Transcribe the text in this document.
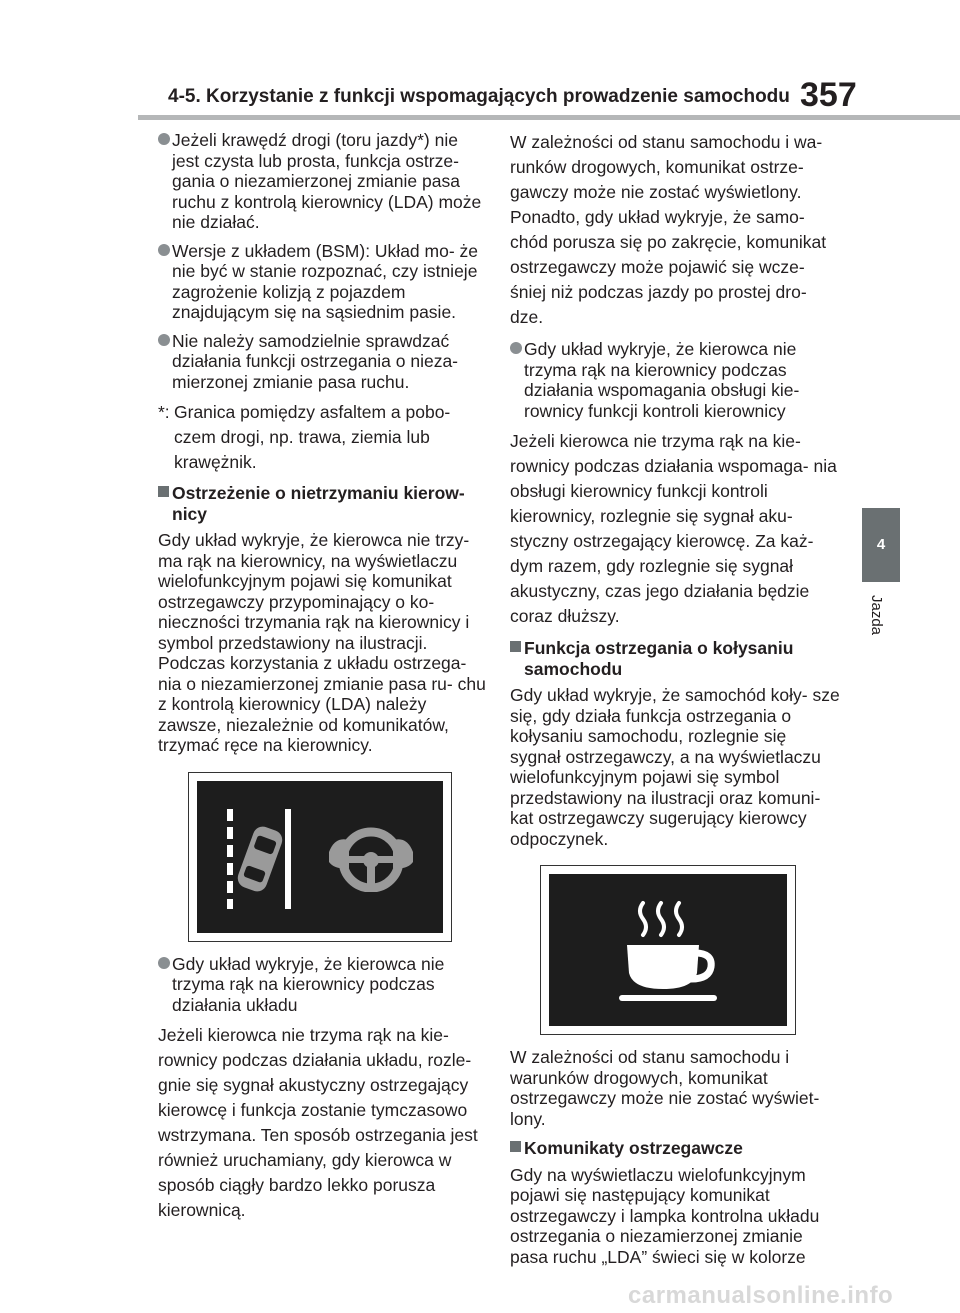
4-5. Korzystanie z funkcji wspomagających prowadzenie samochodu 357
4
Jazda
Jeżeli krawędź drogi (toru jazdy*) nie jest czysta lub prosta, funkcja ostrze- gania o niezamierzonej zmianie pasa ruchu z kontrolą kierownicy (LDA) może nie działać.
Wersje z układem (BSM): Układ mo- że nie być w stanie rozpoznać, czy istnieje zagrożenie kolizją z pojazdem znajdującym się na sąsiednim pasie.
Nie należy samodzielnie sprawdzać działania funkcji ostrzegania o nieza- mierzonej zmianie pasa ruchu.
*: Granica pomiędzy asfaltem a pobo- czem drogi, np. trawa, ziemia lub krawężnik.
Ostrzeżenie o nietrzymaniu kierow- nicy
Gdy układ wykryje, że kierowca nie trzy- ma rąk na kierownicy, na wyświetlaczu wielofunkcyjnym pojawi się komunikat ostrzegawczy przypominający o ko- nieczności trzymania rąk na kierownicy i symbol przedstawiony na ilustracji. Podczas korzystania z układu ostrzega- nia o niezamierzonej zmianie pasa ru- chu z kontrolą kierownicy (LDA) należy zawsze, niezależnie od komunikatów, trzymać ręce na kierownicy.
Gdy układ wykryje, że kierowca nie trzyma rąk na kierownicy podczas działania układu
Jeżeli kierowca nie trzyma rąk na kie- rownicy podczas działania układu, rozle- gnie się sygnał akustyczny ostrzegający kierowcę i funkcja zostanie tymczasowo wstrzymana. Ten sposób ostrzegania jest również uruchamiany, gdy kierowca w sposób ciągły bardzo lekko porusza kierownicą.
W zależności od stanu samochodu i wa- runków drogowych, komunikat ostrze- gawczy może nie zostać wyświetlony. Ponadto, gdy układ wykryje, że samo- chód porusza się po zakręcie, komunikat ostrzegawczy może pojawić się wcze- śniej niż podczas jazdy po prostej dro- dze.
Gdy układ wykryje, że kierowca nie trzyma rąk na kierownicy podczas działania wspomagania obsługi kie- rownicy funkcji kontroli kierownicy
Jeżeli kierowca nie trzyma rąk na kie- rownicy podczas działania wspomaga- nia obsługi kierownicy funkcji kontroli kierownicy, rozlegnie się sygnał aku- styczny ostrzegający kierowcę. Za każ- dym razem, gdy rozlegnie się sygnał akustyczny, czas jego działania będzie coraz dłuższy.
Funkcja ostrzegania o kołysaniu samochodu
Gdy układ wykryje, że samochód koły- sze się, gdy działa funkcja ostrzegania o kołysaniu samochodu, rozlegnie się sygnał ostrzegawczy, a na wyświetlaczu wielofunkcyjnym pojawi się symbol przedstawiony na ilustracji oraz komuni- kat ostrzegawczy sugerujący kierowcy odpoczynek.
W zależności od stanu samochodu i warunków drogowych, komunikat ostrzegawczy może nie zostać wyświet- lony.
Komunikaty ostrzegawcze
Gdy na wyświetlaczu wielofunkcyjnym pojawi się następujący komunikat ostrzegawczy i lampka kontrolna układu ostrzegania o niezamierzonej zmianie pasa ruchu „LDA” świeci się w kolorze
carmanualsonline.info
